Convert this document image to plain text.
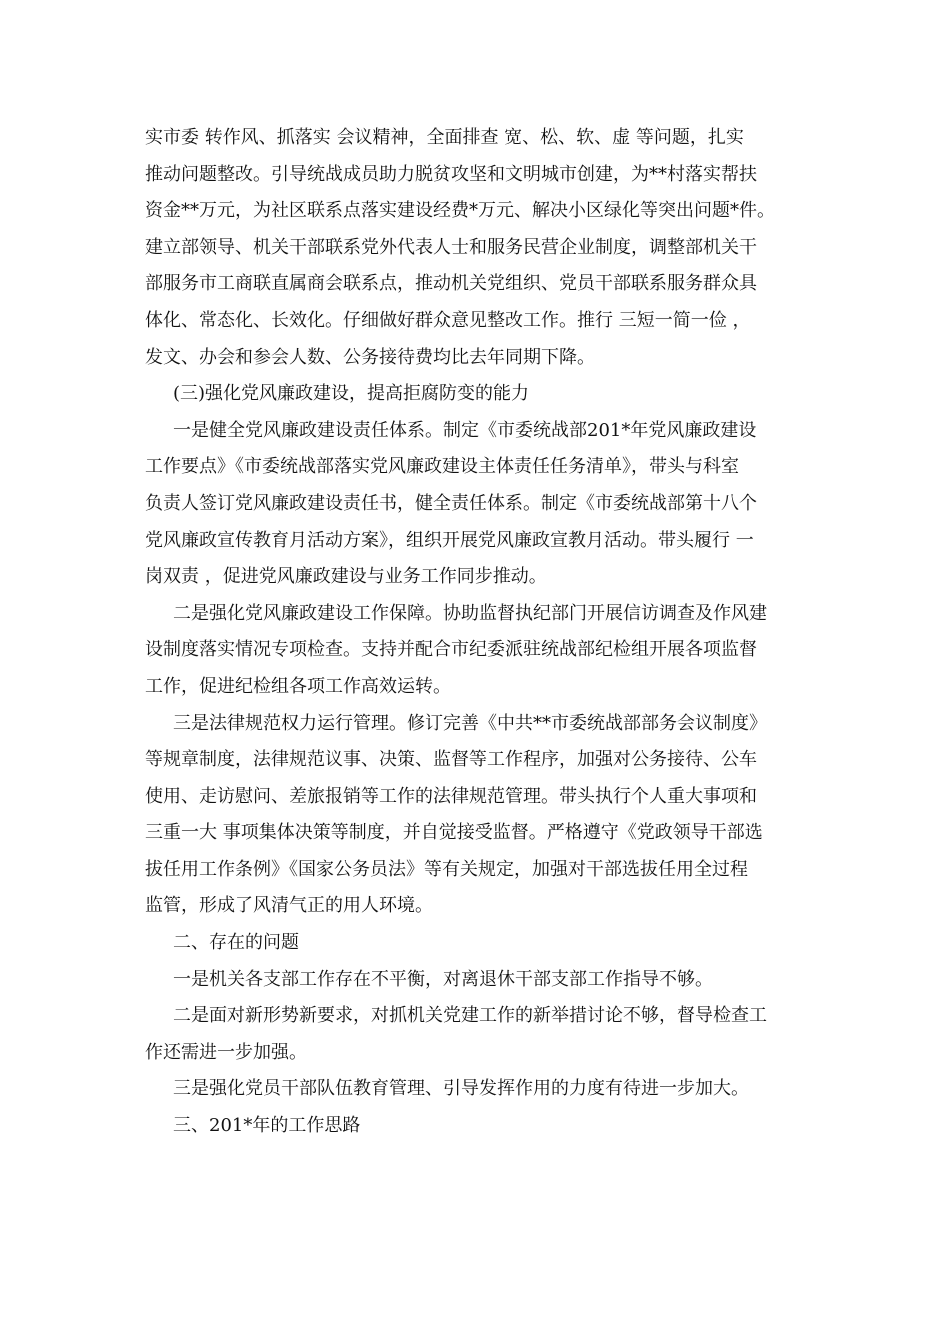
实市委 转作风、抓落实 会议精神，全面排查 宽、松、软、虚 等问题，扎实
推动问题整改。引导统战成员助力脱贫攻坚和文明城市创建，为**村落实帮扶
资金**万元，为社区联系点落实建设经费*万元、解决小区绿化等突出问题*件。
建立部领导、机关干部联系党外代表人士和服务民营企业制度，调整部机关干
部服务市工商联直属商会联系点，推动机关党组织、党员干部联系服务群众具
体化、常态化、长效化。仔细做好群众意见整改工作。推行 三短一简一俭 ，
发文、办会和参会人数、公务接待费均比去年同期下降。
(三)强化党风廉政建设，提高拒腐防变的能力
一是健全党风廉政建设责任体系。制定《市委统战部201*年党风廉政建设
工作要点》《市委统战部落实党风廉政建设主体责任任务清单》，带头与科室
负责人签订党风廉政建设责任书，健全责任体系。制定《市委统战部第十八个
党风廉政宣传教育月活动方案》，组织开展党风廉政宣教月活动。带头履行 一
岗双责 ，促进党风廉政建设与业务工作同步推动。
二是强化党风廉政建设工作保障。协助监督执纪部门开展信访调查及作风建
设制度落实情况专项检查。支持并配合市纪委派驻统战部纪检组开展各项监督
工作，促进纪检组各项工作高效运转。
三是法律规范权力运行管理。修订完善《中共**市委统战部部务会议制度》
等规章制度，法律规范议事、决策、监督等工作程序，加强对公务接待、公车
使用、走访慰问、差旅报销等工作的法律规范管理。带头执行个人重大事项和
三重一大 事项集体决策等制度，并自觉接受监督。严格遵守《党政领导干部选
拔任用工作条例》《国家公务员法》等有关规定，加强对干部选拔任用全过程
监管，形成了风清气正的用人环境。
二、存在的问题
一是机关各支部工作存在不平衡，对离退休干部支部工作指导不够。
二是面对新形势新要求，对抓机关党建工作的新举措讨论不够，督导检查工
作还需进一步加强。
三是强化党员干部队伍教育管理、引导发挥作用的力度有待进一步加大。
三、201*年的工作思路
